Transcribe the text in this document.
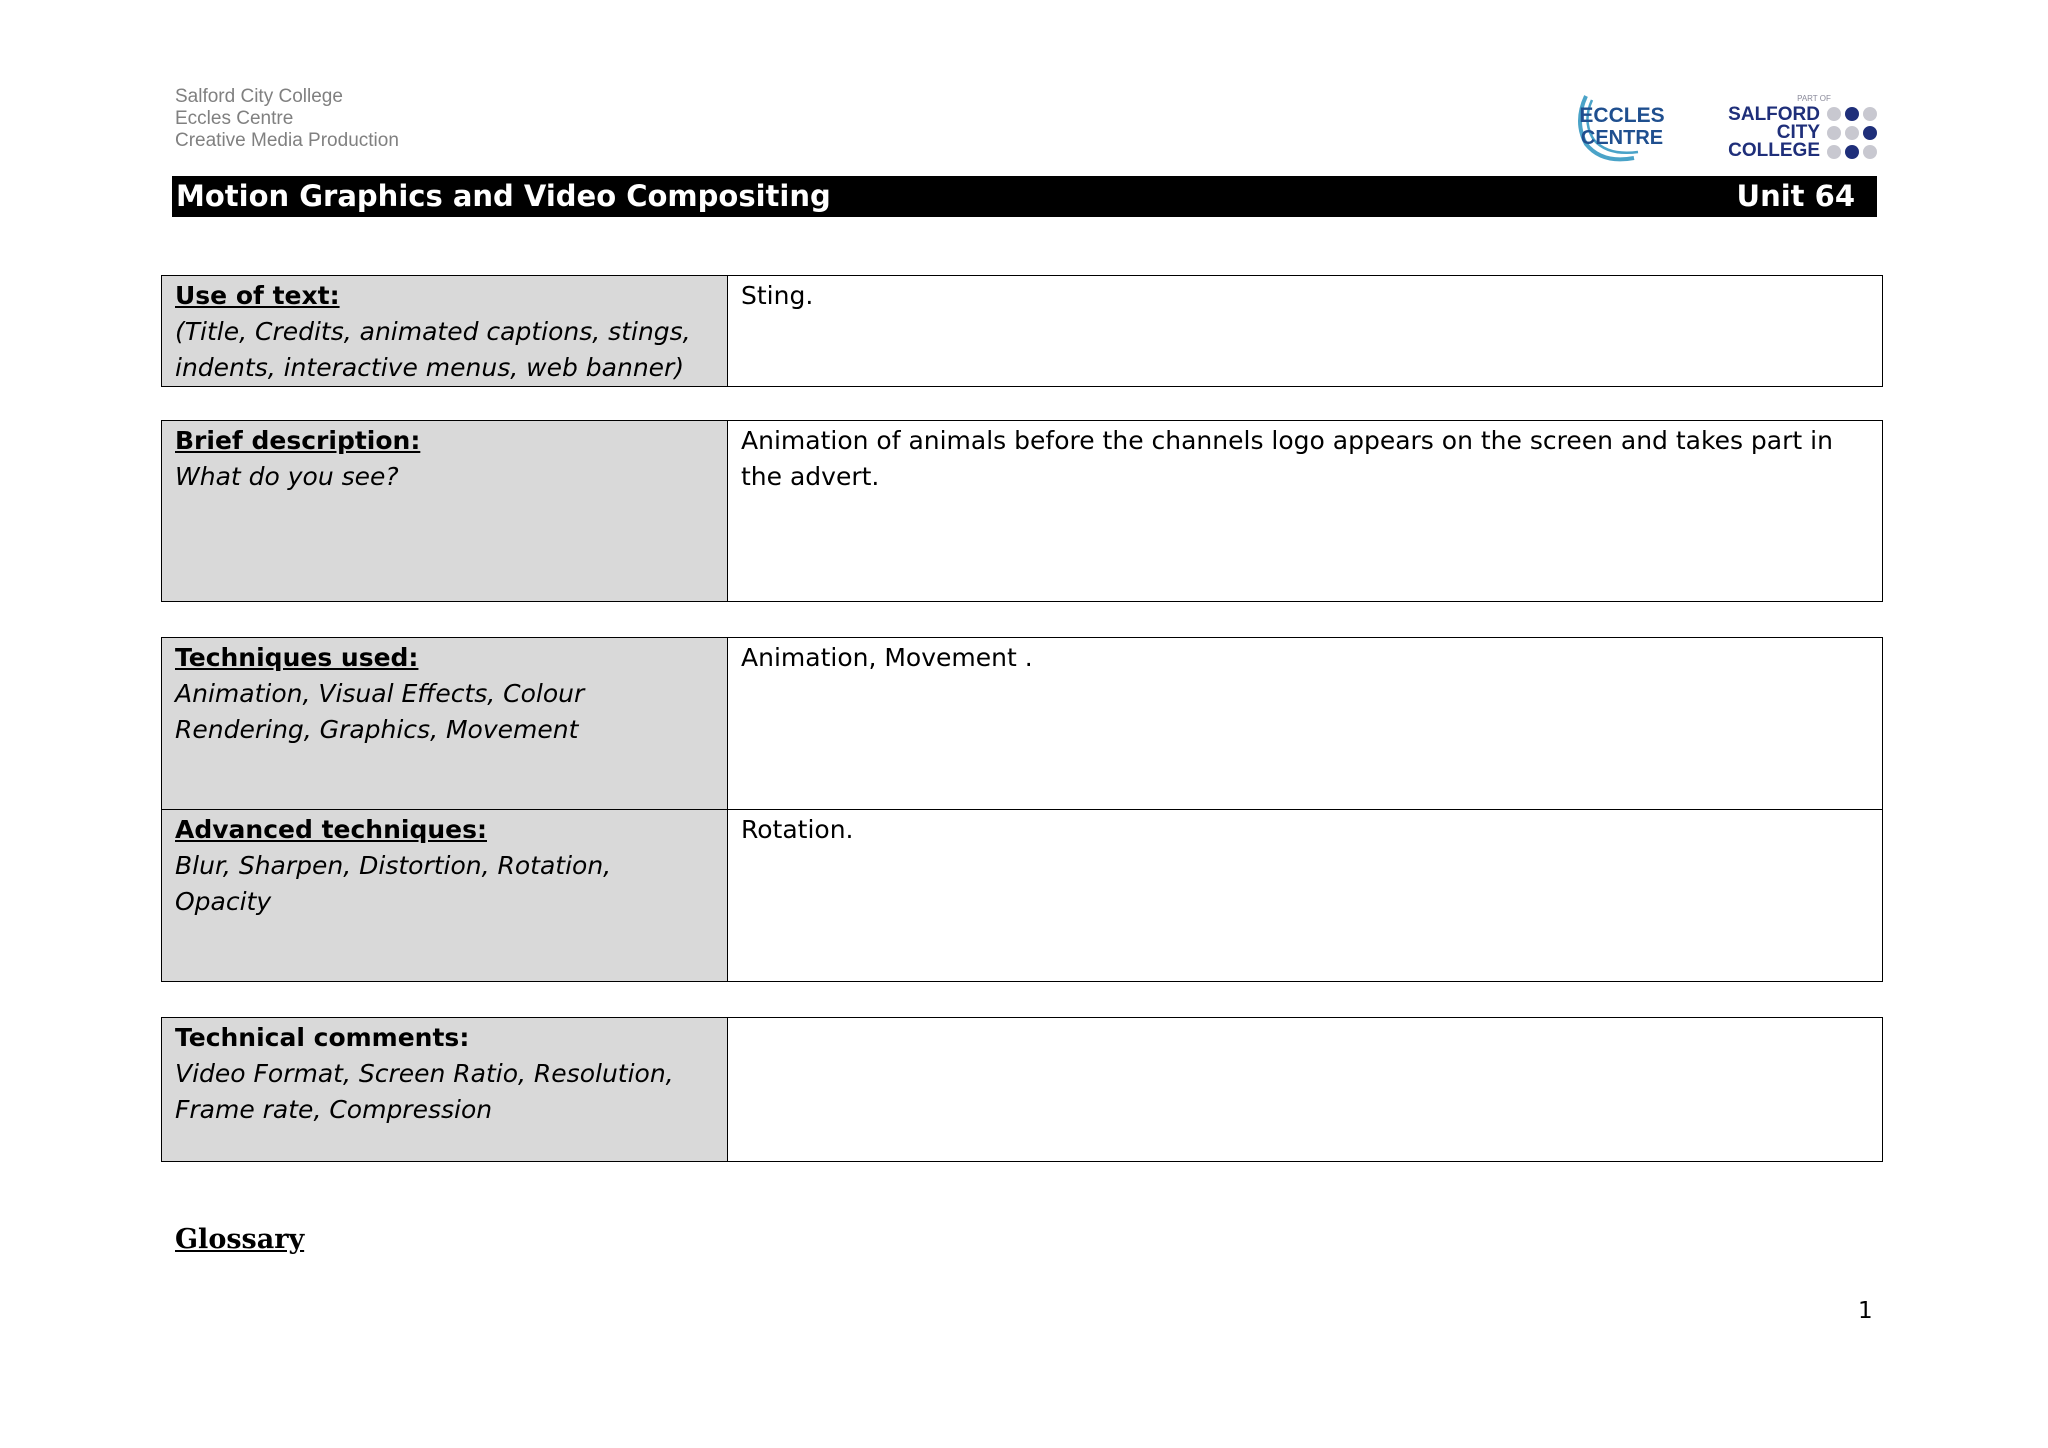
Salford City College
Eccles Centre
Creative Media Production
ECCLES
CENTRE
PART OF
SALFORD
CITY
COLLEGE
Motion Graphics and Video Compositing	Unit 64
Use of text:
(Title, Credits, animated captions, stings, indents, interactive menus, web banner)

Sting.
Brief description:
What do you see?

Animation of animals before the channels logo appears on the screen and takes part in the advert.
Techniques used:
Animation, Visual Effects, Colour Rendering, Graphics, Movement	Animation, Movement .

Advanced techniques:
Blur, Sharpen, Distortion, Rotation, Opacity	Rotation.
Technical comments:
Video Format, Screen Ratio, Resolution, Frame rate, Compression

Glossary
1
